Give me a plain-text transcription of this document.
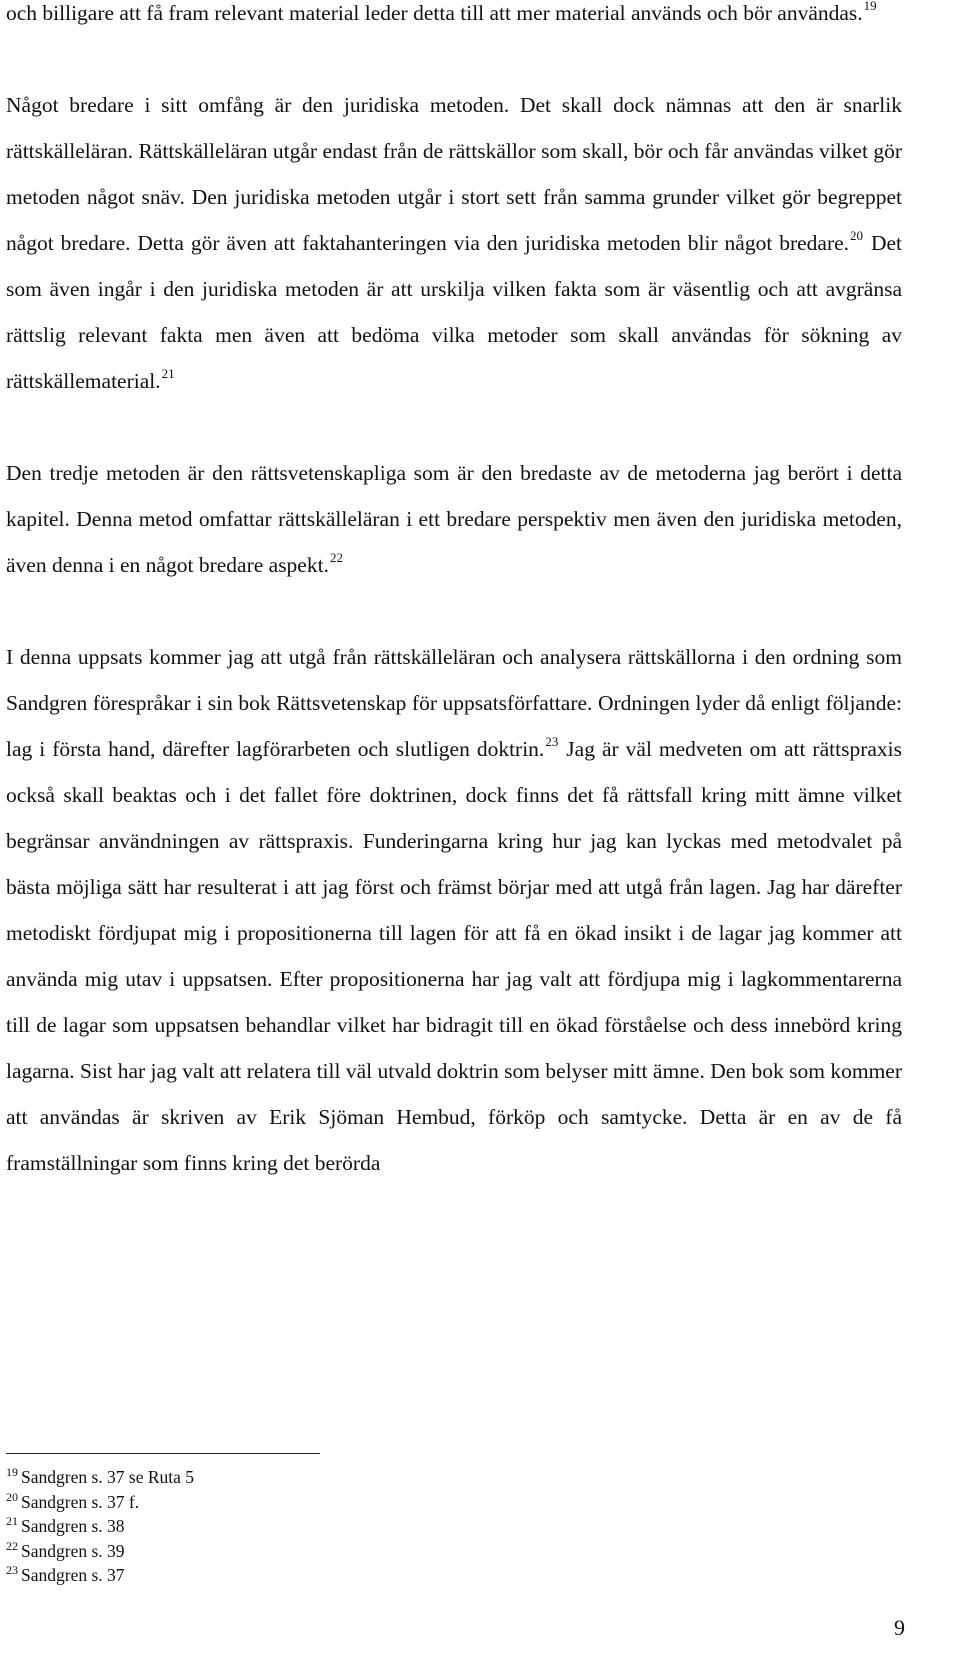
och billigare att få fram relevant material leder detta till att mer material används och bör användas.$^{19}$

Något bredare i sitt omfång är den juridiska metoden. Det skall dock nämnas att den är snarlik rättskälleläran. Rättskälleläran utgår endast från de rättskällor som skall, bör och får användas vilket gör metoden något snäv. Den juridiska metoden utgår i stort sett från samma grunder vilket gör begreppet något bredare. Detta gör även att faktahanteringen via den juridiska metoden blir något bredare.$^{20}$ Det som även ingår i den juridiska metoden är att urskilja vilken fakta som är väsentlig och att avgränsa rättslig relevant fakta men även att bedöma vilka metoder som skall användas för sökning av rättskällematerial.$^{21}$

Den tredje metoden är den rättsvetenskapliga som är den bredaste av de metoderna jag berört i detta kapitel. Denna metod omfattar rättskälleläran i ett bredare perspektiv men även den juridiska metoden, även denna i en något bredare aspekt.$^{22}$

I denna uppsats kommer jag att utgå från rättskälleläran och analysera rättskällorna i den ordning som Sandgren förespråkar i sin bok Rättsvetenskap för uppsatsförfattare. Ordningen lyder då enligt följande: lag i första hand, därefter lagförarbeten och slutligen doktrin.$^{23}$ Jag är väl medveten om att rättspraxis också skall beaktas och i det fallet före doktrinen, dock finns det få rättsfall kring mitt ämne vilket begränsar användningen av rättspraxis. Funderingarna kring hur jag kan lyckas med metodvalet på bästa möjliga sätt har resulterat i att jag först och främst börjar med att utgå från lagen. Jag har därefter metodiskt fördjupat mig i propositionerna till lagen för att få en ökad insikt i de lagar jag kommer att använda mig utav i uppsatsen. Efter propositionerna har jag valt att fördjupa mig i lagkommentarerna till de lagar som uppsatsen behandlar vilket har bidragit till en ökad förståelse och dess innebörd kring lagarna. Sist har jag valt att relatera till väl utvald doktrin som belyser mitt ämne. Den bok som kommer att användas är skriven av Erik Sjöman Hembud, förköp och samtycke. Detta är en av de få framställningar som finns kring det berörda

$^{19}$ Sandgren s. 37 se Ruta 5
$^{20}$ Sandgren s. 37 f.
$^{21}$ Sandgren s. 38
$^{22}$ Sandgren s. 39
$^{23}$ Sandgren s. 37
9
